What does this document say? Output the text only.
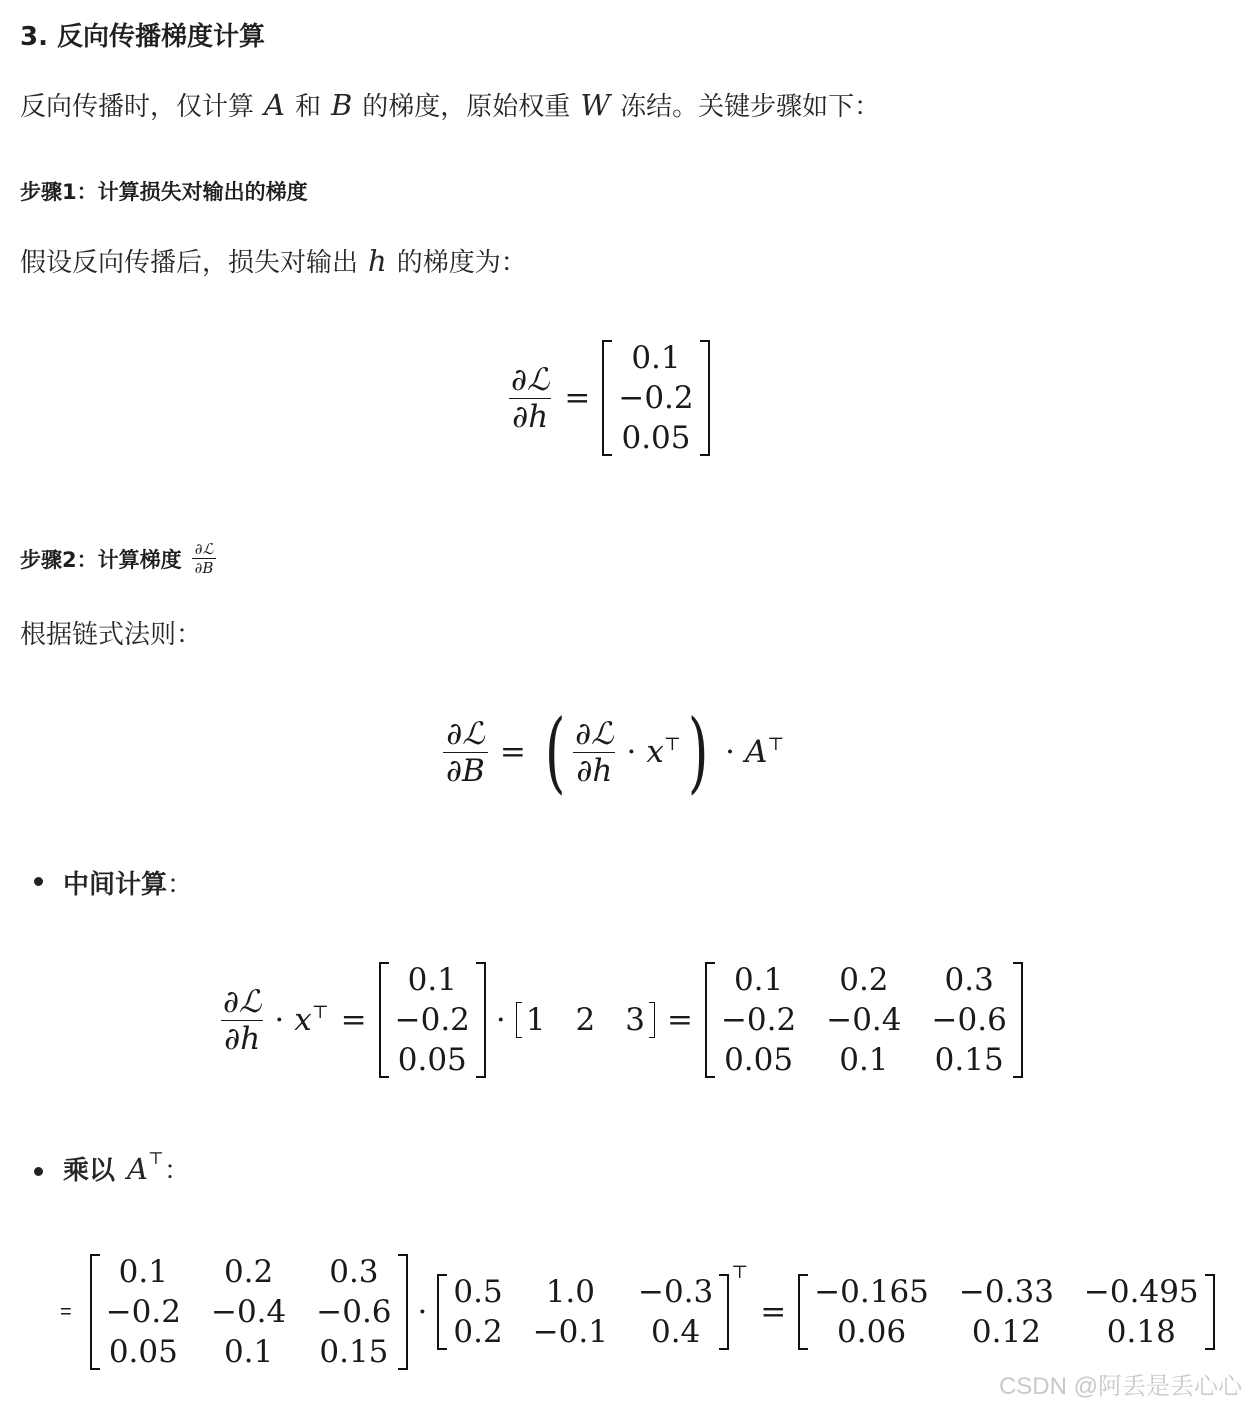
3. 反向传播梯度计算
反向传播时，仅计算 A 和 B 的梯度，原始权重 W 冻结。关键步骤如下：
步骤1：计算损失对输出的梯度
假设反向传播后，损失对输出 h 的梯度为：
$\frac{\text{∂ℒ}}{\partial h}$ =
0.1
−0.2
0.05
步骤2：计算梯度 $\frac{\text{∂ℒ}}{\partial B}$
根据链式法则：
$\frac{\text{∂ℒ}}{\partial B}$ = ( $\frac{\text{∂ℒ}}{\partial h} \cdot x^⊤$ ) · A⊤
中间计算 ：
$\frac{\text{∂ℒ}}{\partial h} \cdot x^⊤$ =
0.1
−0.2
0.05
· 1 2 3 =
0.1	0.2	0.3
−0.2 −0.4 −0.6
0.05	0.1	0.15
乘以 A⊤ ：
=
0.1	0.2	0.3
−0.2 −0.4 −0.6
0.05	0.1	0.15
·
0.5	1.0	−0.3
0.2 −0.1	0.4
⊤
=
−0.165 −0.33 −0.495
0.06	0.12	0.18
CSDN @阿丢是丢心心
